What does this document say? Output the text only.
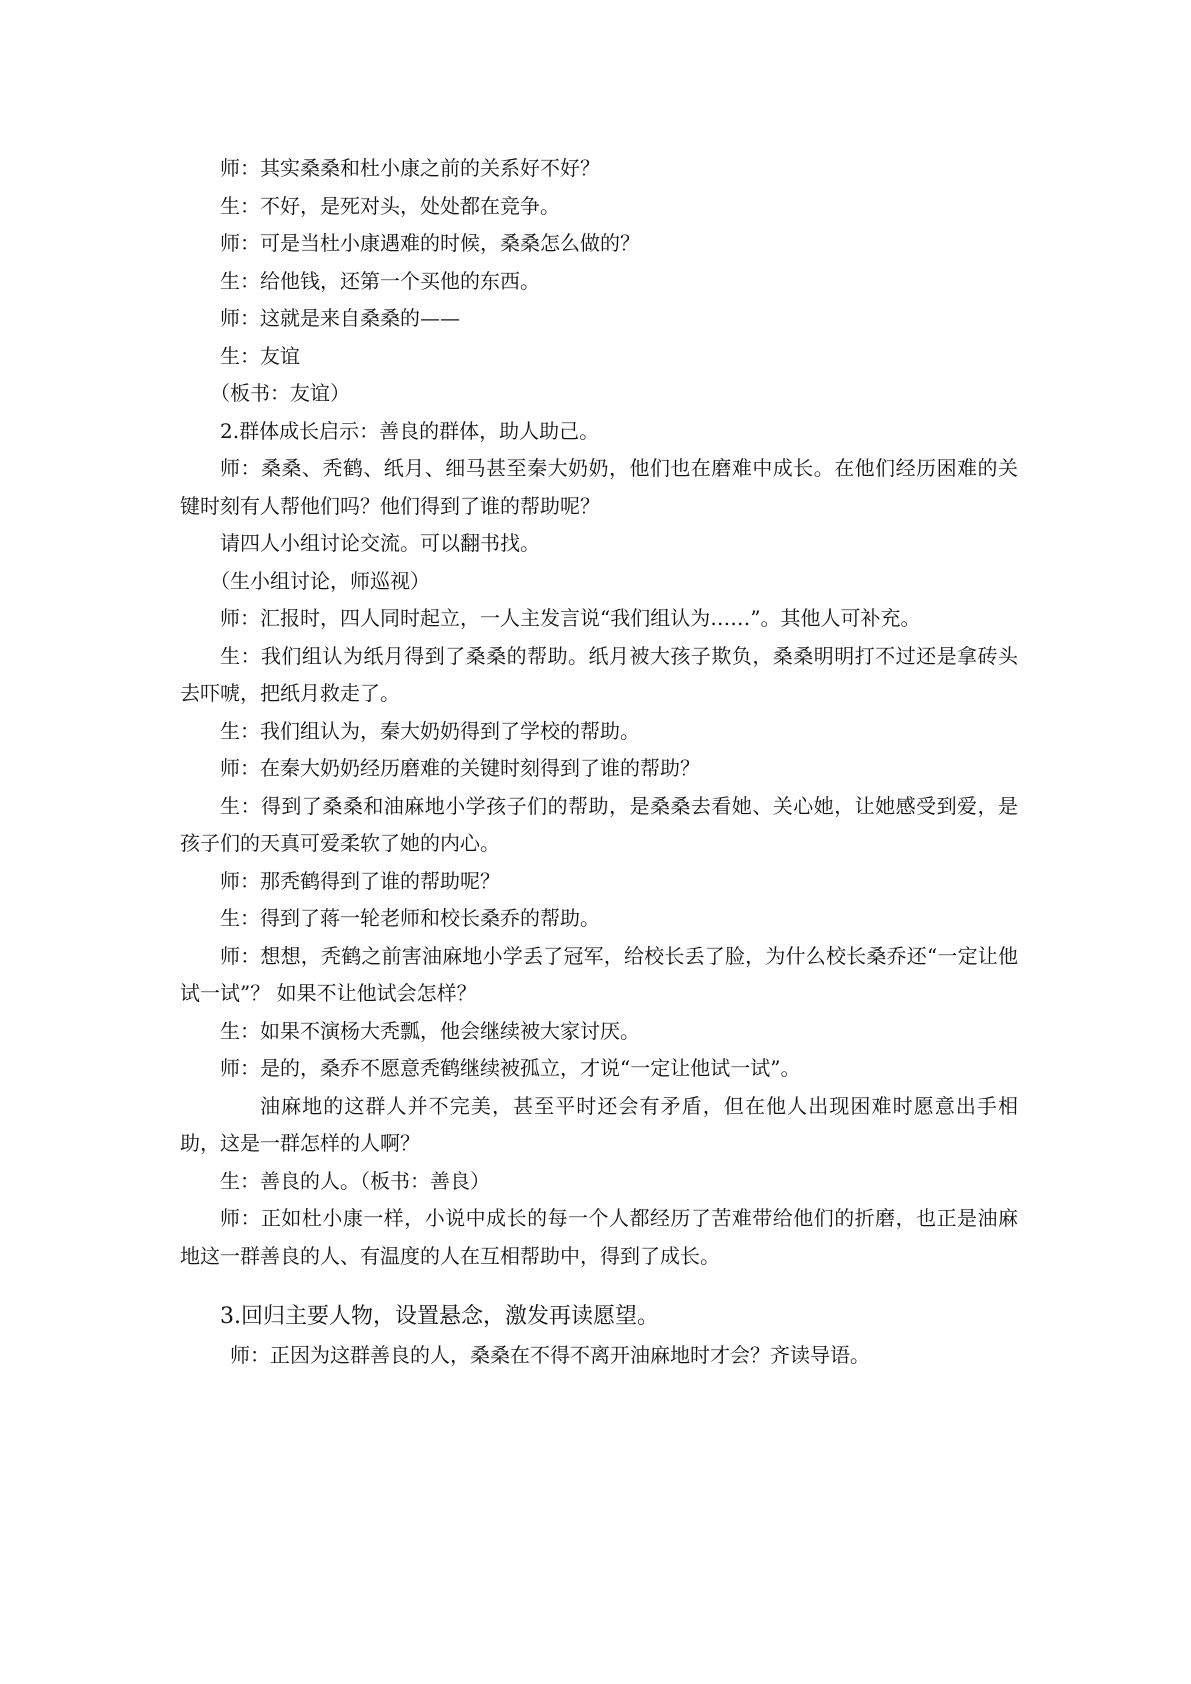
师：其实桑桑和杜小康之前的关系好不好？

生：不好，是死对头，处处都在竞争。

师：可是当杜小康遇难的时候，桑桑怎么做的？

生：给他钱，还第一个买他的东西。

师：这就是来自桑桑的——

生：友谊

（板书：友谊）

2.群体成长启示：善良的群体，助人助己。

师：桑桑、秃鹤、纸月、细马甚至秦大奶奶，他们也在磨难中成长。在他们经历困难的关键时刻有人帮他们吗？他们得到了谁的帮助呢？

请四人小组讨论交流。可以翻书找。

（生小组讨论，师巡视）

师：汇报时，四人同时起立，一人主发言说“我们组认为……”。其他人可补充。

生：我们组认为纸月得到了桑桑的帮助。纸月被大孩子欺负，桑桑明明打不过还是拿砖头去吓唬，把纸月救走了。

生：我们组认为，秦大奶奶得到了学校的帮助。

师：在秦大奶奶经历磨难的关键时刻得到了谁的帮助？

生：得到了桑桑和油麻地小学孩子们的帮助，是桑桑去看她、关心她，让她感受到爱，是孩子们的天真可爱柔软了她的内心。

师：那秃鹤得到了谁的帮助呢？

生：得到了蒋一轮老师和校长桑乔的帮助。

师：想想，秃鹤之前害油麻地小学丢了冠军，给校长丢了脸，为什么校长桑乔还“一定让他试一试”？ 如果不让他试会怎样？

生：如果不演杨大秃瓢，他会继续被大家讨厌。

师：是的，桑乔不愿意秃鹤继续被孤立，才说“一定让他试一试”。

油麻地的这群人并不完美，甚至平时还会有矛盾，但在他人出现困难时愿意出手相助，这是一群怎样的人啊？

生：善良的人。（板书：善良）

师：正如杜小康一样，小说中成长的每一个人都经历了苦难带给他们的折磨，也正是油麻地这一群善良的人、有温度的人在互相帮助中，得到了成长。

3.回归主要人物，设置悬念，激发再读愿望。

师：正因为这群善良的人，桑桑在不得不离开油麻地时才会？齐读导语。
